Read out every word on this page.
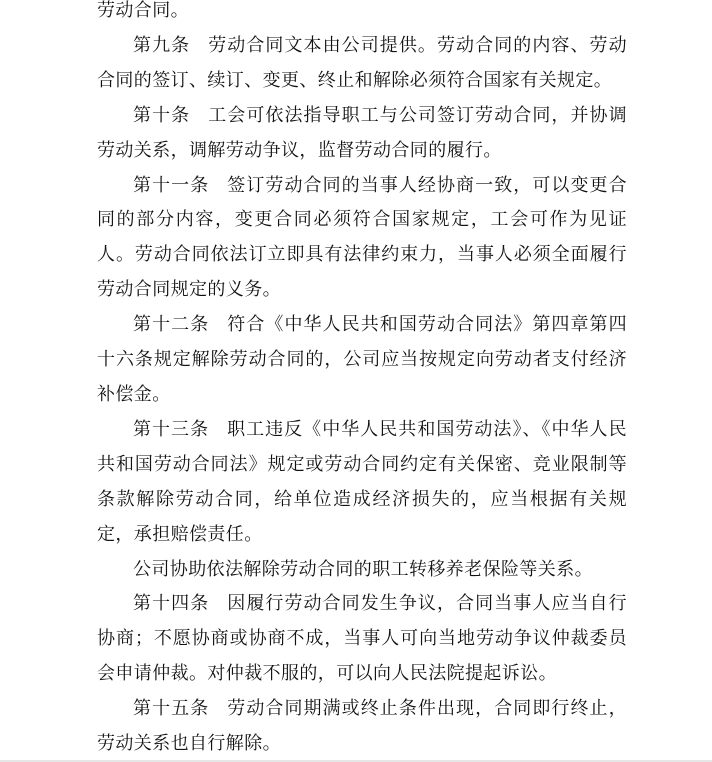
劳动合同。

第九条 劳动合同文本由公司提供。劳动合同的内容、劳动合同的签订、续订、变更、终止和解除必须符合国家有关规定。

第十条 工会可依法指导职工与公司签订劳动合同，并协调劳动关系，调解劳动争议，监督劳动合同的履行。

第十一条 签订劳动合同的当事人经协商一致，可以变更合同的部分内容，变更合同必须符合国家规定，工会可作为见证人。劳动合同依法订立即具有法律约束力，当事人必须全面履行劳动合同规定的义务。

第十二条 符合《中华人民共和国劳动合同法》第四章第四十六条规定解除劳动合同的，公司应当按规定向劳动者支付经济补偿金。

第十三条 职工违反《中华人民共和国劳动法》、《中华人民共和国劳动合同法》规定或劳动合同约定有关保密、竞业限制等条款解除劳动合同，给单位造成经济损失的，应当根据有关规定，承担赔偿责任。

公司协助依法解除劳动合同的职工转移养老保险等关系。

第十四条 因履行劳动合同发生争议，合同当事人应当自行协商；不愿协商或协商不成，当事人可向当地劳动争议仲裁委员会申请仲裁。对仲裁不服的，可以向人民法院提起诉讼。

第十五条 劳动合同期满或终止条件出现，合同即行终止，劳动关系也自行解除。
